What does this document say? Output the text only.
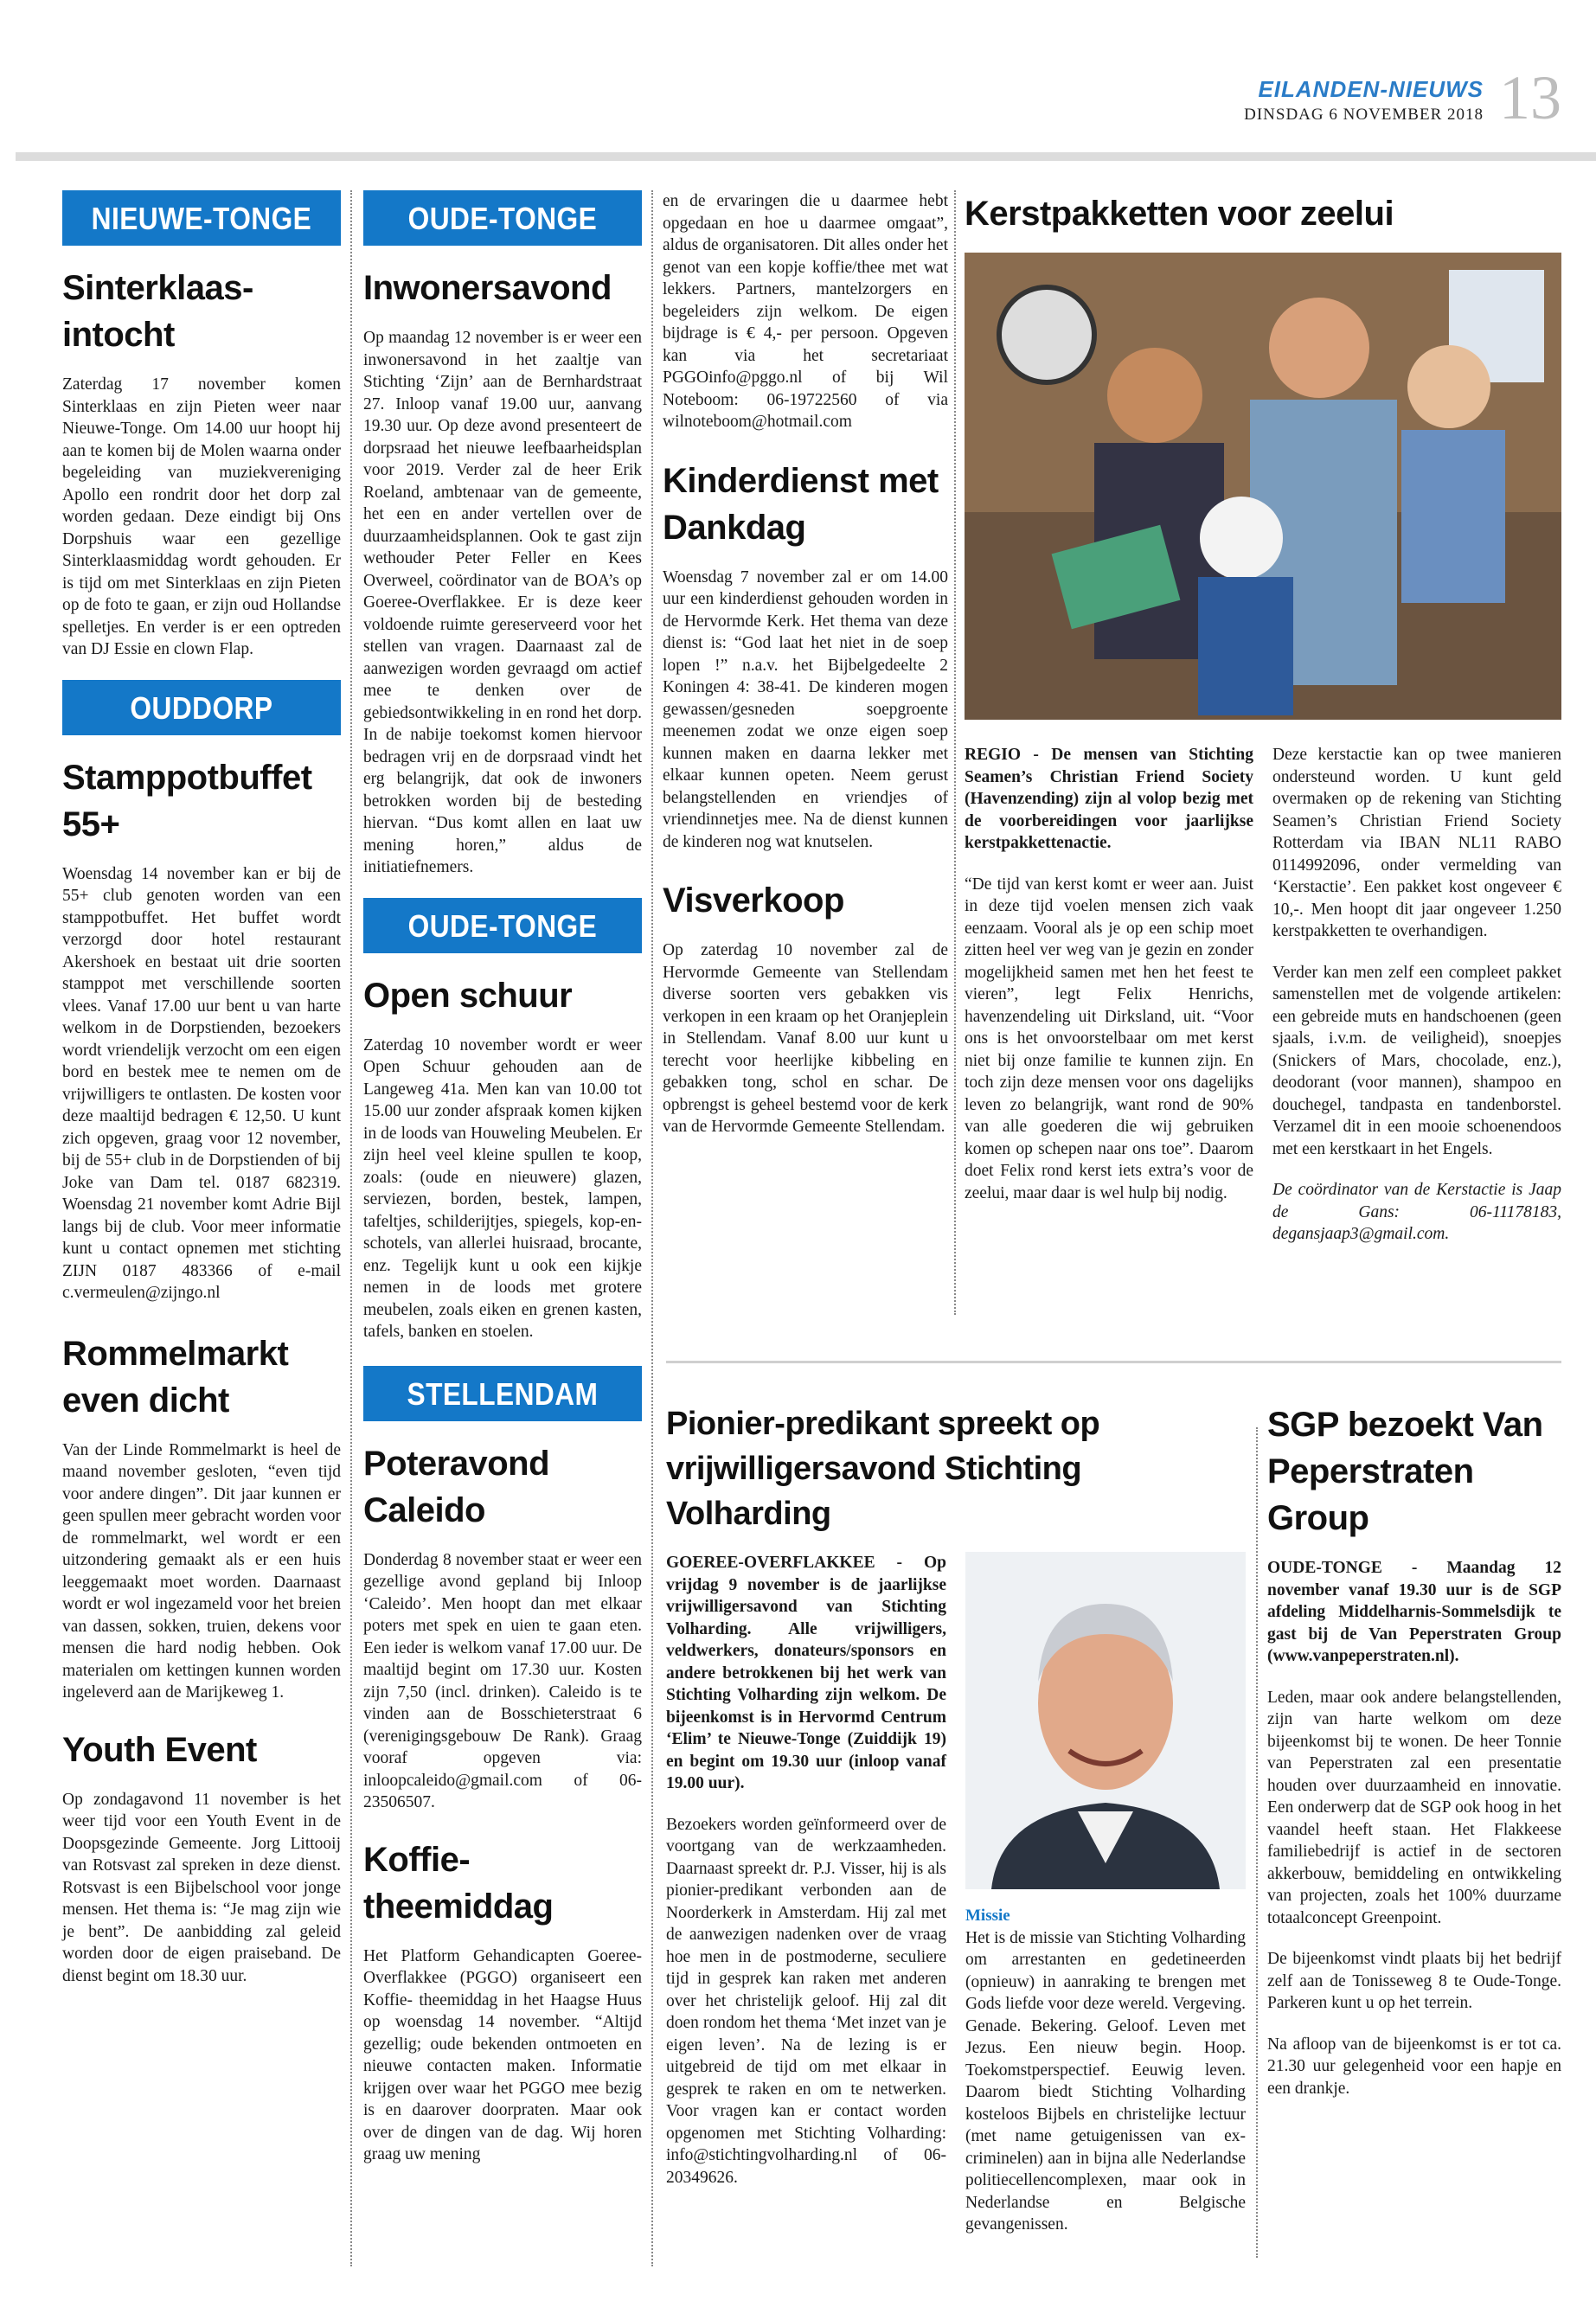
EILANDEN-NIEUWS
DINSDAG 6 NOVEMBER 2018 13
NIEUWE-TONGE
Sinterklaas-intocht

Zaterdag 17 november komen Sinterklaas en zijn Pieten weer naar Nieuwe-Tonge. Om 14.00 uur hoopt hij aan te komen bij de Molen waarna onder begeleiding van muziekvereniging Apollo een rondrit door het dorp zal worden gedaan. Deze eindigt bij Ons Dorpshuis waar een gezellige Sinterklaasmiddag wordt gehouden. Er is tijd om met Sinterklaas en zijn Pieten op de foto te gaan, er zijn oud Hollandse spelletjes. En verder is er een optreden van DJ Essie en clown Flap.

OUDDORP
Stamppotbuffet 55+

Woensdag 14 november kan er bij de 55+ club genoten worden van een stamppotbuffet. Het buffet wordt verzorgd door hotel restaurant Akershoek en bestaat uit drie soorten stamppot met verschillende soorten vlees. Vanaf 17.00 uur bent u van harte welkom in de Dorpstienden, bezoekers wordt vriendelijk verzocht om een eigen bord en bestek mee te nemen om de vrijwilligers te ontlasten. De kosten voor deze maaltijd bedragen € 12,50. U kunt zich opgeven, graag voor 12 november, bij de 55+ club in de Dorpstienden of bij Joke van Dam tel. 0187 682319. Woensdag 21 november komt Adrie Bijl langs bij de club. Voor meer informatie kunt u contact opnemen met stichting ZIJN 0187 483366 of e-mail c.vermeulen@zijngo.nl

Rommelmarkt even dicht

Van der Linde Rommelmarkt is heel de maand november gesloten, “even tijd voor andere dingen”. Dit jaar kunnen er geen spullen meer gebracht worden voor de rommelmarkt, wel wordt er een uitzondering gemaakt als er een huis leeggemaakt moet worden. Daarnaast wordt er wol ingezameld voor het breien van dassen, sokken, truien, dekens voor mensen die hard nodig hebben. Ook materialen om kettingen kunnen worden ingeleverd aan de Marijkeweg 1.

Youth Event

Op zondagavond 11 november is het weer tijd voor een Youth Event in de Doopsgezinde Gemeente. Jorg Littooij van Rotsvast zal spreken in deze dienst. Rotsvast is een Bijbelschool voor jonge mensen. Het thema is: “Je mag zijn wie je bent”. De aanbidding zal geleid worden door de eigen praiseband. De dienst begint om 18.30 uur.

OUDE-TONGE
Inwonersavond

Op maandag 12 november is er weer een inwonersavond in het zaaltje van Stichting ‘Zijn’ aan de Bernhardstraat 27. Inloop vanaf 19.00 uur, aanvang 19.30 uur. Op deze avond presenteert de dorpsraad het nieuwe leefbaarheidsplan voor 2019. Verder zal de heer Erik Roeland, ambtenaar van de gemeente, het een en ander vertellen over de duurzaamheidsplannen. Ook te gast zijn wethouder Peter Feller en Kees Overweel, coördinator van de BOA’s op Goeree-Overflakkee. Er is deze keer voldoende ruimte gereserveerd voor het stellen van vragen. Daarnaast zal de aanwezigen worden gevraagd om actief mee te denken over de gebiedsontwikkeling in en rond het dorp. In de nabije toekomst komen hiervoor bedragen vrij en de dorpsraad vindt het erg belangrijk, dat ook de inwoners betrokken worden bij de besteding hiervan. “Dus komt allen en laat uw mening horen,” aldus de initiatiefnemers.

OUDE-TONGE
Open schuur

Zaterdag 10 november wordt er weer Open Schuur gehouden aan de Langeweg 41a. Men kan van 10.00 tot 15.00 uur zonder afspraak komen kijken in de loods van Houweling Meubelen. Er zijn heel veel kleine spullen te koop, zoals: (oude en nieuwere) glazen, serviezen, borden, bestek, lampen, tafeltjes, schilderijtjes, spiegels, kop-en-schotels, van allerlei huisraad, brocante, enz. Tegelijk kunt u ook een kijkje nemen in de loods met grotere meubelen, zoals eiken en grenen kasten, tafels, banken en stoelen.

STELLENDAM
Poteravond Caleido

Donderdag 8 november staat er weer een gezellige avond gepland bij Inloop ‘Caleido’. Men hoopt dan met elkaar poters met spek en uien te gaan eten. Een ieder is welkom vanaf 17.00 uur. De maaltijd begint om 17.30 uur. Kosten zijn 7,50 (incl. drinken). Caleido is te vinden aan de Bosschieterstraat 6 (verenigingsgebouw De Rank). Graag vooraf opgeven via: inloopcaleido@gmail.com of 06-23506507.

Koffie-theemiddag

Het Platform Gehandicapten Goeree-Overflakkee (PGGO) organiseert een Koffie- theemiddag in het Haagse Huus op woensdag 14 november. “Altijd gezellig; oude bekenden ontmoeten en nieuwe contacten maken. Informatie krijgen over waar het PGGO mee bezig is en daarover doorpraten. Maar ook over de dingen van de dag. Wij horen graag uw mening

en de ervaringen die u daarmee hebt opgedaan en hoe u daarmee omgaat”, aldus de organisatoren. Dit alles onder het genot van een kopje koffie/thee met wat lekkers. Partners, mantelzorgers en begeleiders zijn welkom. De eigen bijdrage is € 4,- per persoon. Opgeven kan via het secretariaat PGGOinfo@pggo.nl of bij Wil Noteboom: 06-19722560 of via wilnoteboom@hotmail.com

Kinderdienst met Dankdag

Woensdag 7 november zal er om 14.00 uur een kinderdienst gehouden worden in de Hervormde Kerk. Het thema van deze dienst is: “God laat het niet in de soep lopen !” n.a.v. het Bijbelgedeelte 2 Koningen 4: 38-41. De kinderen mogen gewassen/gesneden soepgroente meenemen zodat we onze eigen soep kunnen maken en daarna lekker met elkaar kunnen opeten. Neem gerust belangstellenden en vriendjes of vriendinnetjes mee. Na de dienst kunnen de kinderen nog wat knutselen.

Visverkoop

Op zaterdag 10 november zal de Hervormde Gemeente van Stellendam diverse soorten vers gebakken vis verkopen in een kraam op het Oranjeplein in Stellendam. Vanaf 8.00 uur kunt u terecht voor heerlijke kibbeling en gebakken tong, schol en schar. De opbrengst is geheel bestemd voor de kerk van de Hervormde Gemeente Stellendam.

Kerstpakketten voor zeelui

REGIO - De mensen van Stichting Seamen’s Christian Friend Society (Havenzending) zijn al volop bezig met de voorbereidingen voor jaarlijkse kerstpakkettenactie.

“De tijd van kerst komt er weer aan. Juist in deze tijd voelen mensen zich vaak eenzaam. Vooral als je op een schip moet zitten heel ver weg van je gezin en zonder mogelijkheid samen met hen het feest te vieren”, legt Felix Henrichs, havenzendeling uit Dirksland, uit. “Voor ons is het onvoorstelbaar om met kerst niet bij onze familie te kunnen zijn. En toch zijn deze mensen voor ons dagelijks leven zo belangrijk, want rond de 90% van alle goederen die wij gebruiken komen op schepen naar ons toe”. Daarom doet Felix rond kerst iets extra’s voor de zeelui, maar daar is wel hulp bij nodig.

Deze kerstactie kan op twee manieren ondersteund worden. U kunt geld overmaken op de rekening van Stichting Seamen’s Christian Friend Society Rotterdam via IBAN NL11 RABO 0114992096, onder vermelding van ‘Kerstactie’. Een pakket kost ongeveer € 10,-. Men hoopt dit jaar ongeveer 1.250 kerstpakketten te overhandigen.

Verder kan men zelf een compleet pakket samenstellen met de volgende artikelen: een gebreide muts en handschoenen (geen sjaals, i.v.m. de veiligheid), snoepjes (Snickers of Mars, chocolade, enz.), deodorant (voor mannen), shampoo en douchegel, tandpasta en tandenborstel. Verzamel dit in een mooie schoenendoos met een kerstkaart in het Engels.

De coördinator van de Kerstactie is Jaap de Gans: 06-11178183, degansjaap3@gmail.com.

Pionier-predikant spreekt op vrijwilligersavond Stichting Volharding

GOEREE-OVERFLAKKEE - Op vrijdag 9 november is de jaarlijkse vrijwilligersavond van Stichting Volharding. Alle vrijwilligers, veldwerkers, donateurs/sponsors en andere betrokkenen bij het werk van Stichting Volharding zijn welkom. De bijeenkomst is in Hervormd Centrum ‘Elim’ te Nieuwe-Tonge (Zuiddijk 19) en begint om 19.30 uur (inloop vanaf 19.00 uur).

Bezoekers worden geïnformeerd over de voortgang van de werkzaamheden. Daarnaast spreekt dr. P.J. Visser, hij is als pionier-predikant verbonden aan de Noorderkerk in Amsterdam. Hij zal met de aanwezigen nadenken over de vraag hoe men in de postmoderne, seculiere tijd in gesprek kan raken met anderen over het christelijk geloof. Hij zal dit doen rondom het thema ‘Met inzet van je eigen leven’. Na de lezing is er uitgebreid de tijd om met elkaar in gesprek te raken en om te netwerken. Voor vragen kan er contact worden opgenomen met Stichting Volharding: info@stichtingvolharding.nl of 06-20349626.

Missie

Het is de missie van Stichting Volharding om arrestanten en gedetineerden (opnieuw) in aanraking te brengen met Gods liefde voor deze wereld. Vergeving. Genade. Bekering. Geloof. Leven met Jezus. Een nieuw begin. Hoop. Toekomstperspectief. Eeuwig leven. Daarom biedt Stichting Volharding kosteloos Bijbels en christelijke lectuur (met name getuigenissen van ex-criminelen) aan in bijna alle Nederlandse politiecellencomplexen, maar ook in Nederlandse en Belgische gevangenissen.

SGP bezoekt Van Peperstraten Group

OUDE-TONGE - Maandag 12 november vanaf 19.30 uur is de SGP afdeling Middelharnis-Sommelsdijk te gast bij de Van Peperstraten Group (www.vanpeperstraten.nl).

Leden, maar ook andere belangstellenden, zijn van harte welkom om deze bijeenkomst bij te wonen. De heer Tonnie van Peperstraten zal een presentatie houden over duurzaamheid en innovatie. Een onderwerp dat de SGP ook hoog in het vaandel heeft staan. Het Flakkeese familiebedrijf is actief in de sectoren akkerbouw, bemiddeling en ontwikkeling van projecten, zoals het 100% duurzame totaalconcept Greenpoint.

De bijeenkomst vindt plaats bij het bedrijf zelf aan de Tonisseweg 8 te Oude-Tonge. Parkeren kunt u op het terrein.

Na afloop van de bijeenkomst is er tot ca. 21.30 uur gelegenheid voor een hapje en een drankje.
